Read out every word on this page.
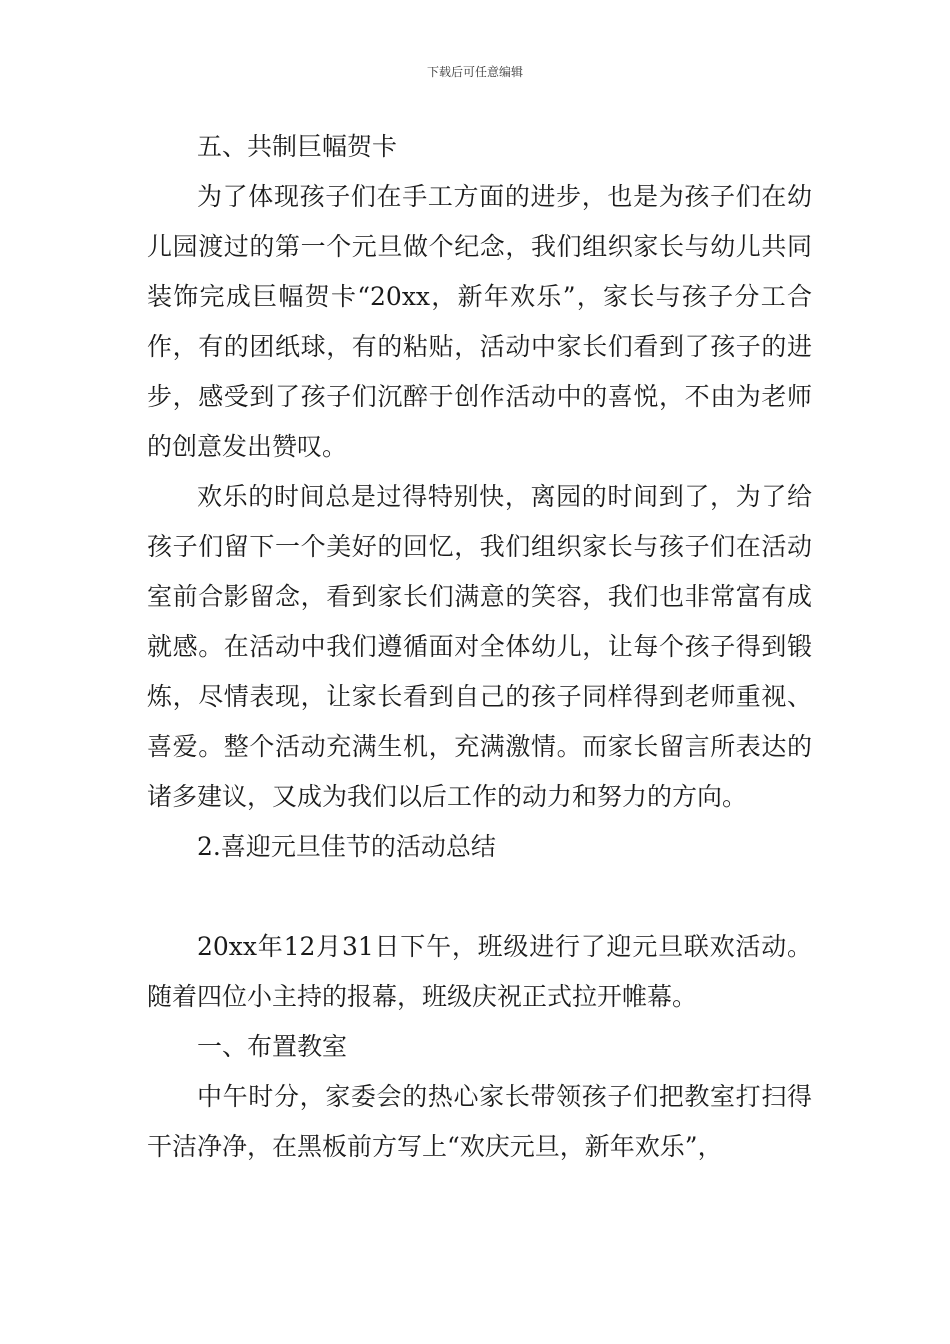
下载后可任意编辑

五、共制巨幅贺卡

为了体现孩子们在手工方面的进步，也是为孩子们在幼儿园渡过的第一个元旦做个纪念，我们组织家长与幼儿共同装饰完成巨幅贺卡“20xx，新年欢乐”，家长与孩子分工合作，有的团纸球，有的粘贴，活动中家长们看到了孩子的进步，感受到了孩子们沉醉于创作活动中的喜悦，不由为老师的创意发出赞叹。

欢乐的时间总是过得特别快，离园的时间到了，为了给孩子们留下一个美好的回忆，我们组织家长与孩子们在活动室前合影留念，看到家长们满意的笑容，我们也非常富有成就感。在活动中我们遵循面对全体幼儿，让每个孩子得到锻炼，尽情表现，让家长看到自己的孩子同样得到老师重视、喜爱。整个活动充满生机，充满激情。而家长留言所表达的诸多建议，又成为我们以后工作的动力和努力的方向。

2.喜迎元旦佳节的活动总结

20xx年12月31日下午，班级进行了迎元旦联欢活动。随着四位小主持的报幕，班级庆祝正式拉开帷幕。

一、布置教室

中午时分，家委会的热心家长带领孩子们把教室打扫得干洁净净，在黑板前方写上“欢庆元旦，新年欢乐”，
